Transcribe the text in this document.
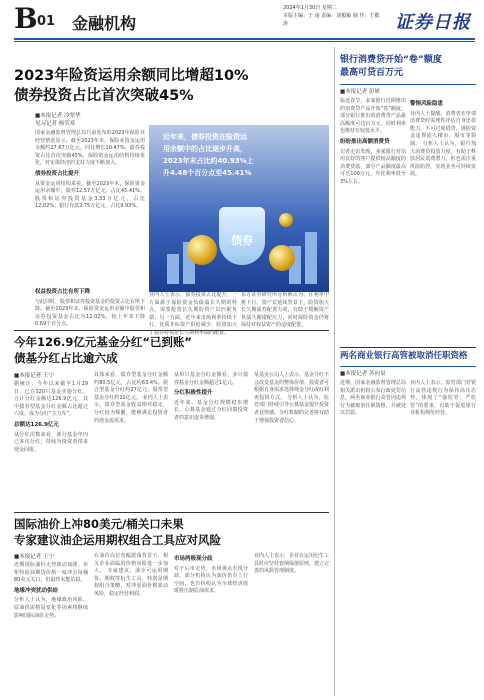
B 01 金融机构
2024年1月30日 星期二
本版主编：于 南 责编：刘俊颖 制 作：王敬涛	证券日报
2023年险资运用余额同比增超10%
债券投资占比首次突破45%
■本报记者 冷翠华
见习记者 杨笑寒
国家金融监督管理总局日前发布的2023年保险业经营情况显示，截至2023年末，保险业资金运用余额约27.67万亿元，同比增长10.47%。债券投资占比首次突破45%，保险资金运用结构持续优化，对实体经济的支持力度不断加大。
债券投资占比提升
从资金运用结构来看，截至2023年末，保险资金运用余额中，债券12.57万亿元，占比45.41%；股票和证券投资基金3.33万亿元，占比12.02%；银行存款2.75万亿元，占比9.93%。
近年来，债券投资在险资运
用余额中的占比逐步升高，
2023年末占比约40.93%上
升4.48个百分点至45.41%
债券
业内人士表示，债券投资占比提升，一方面源于保险资金负债端长久期的特点，需要配置长久期的资产以匹配负债；另一方面，近年来市场利率持续下行，优质非标资产供给减少，险资加大了债券特别是长久期利率债的配置。
东方证券研究所分析师认为，在利率中枢下行、资产荒延续背景下，险资加大长久期债券配置力度，有助于缓解资产负债久期错配压力，同时保险资金仍将保持对权益资产的适度配置。
权益投资占比有所下降
与此同时，股票和证券投资基金的投资占比有所下降。截至2023年末，保险资金运用余额中股票和证券投资基金占比为12.02%，较上年末下降0.69个百分点。
今年126.9亿元基金分红“已到账”
债基分红占比逾六成
■本报记者 王宁
据统计，今年以来截至1月29日，已有320只基金实施分红，合计分红金额达126.9亿元，其中债券型基金分红金额占比超过六成，成为分红“主力军”。
总额达126.9亿元
从分红次数来看，部分基金年内已多次分红，持续为投资者带来现金回报。
具体来看，债券型基金分红金额约80.5亿元，占比约63.4%；混合型基金分红约27亿元；股票型基金分红约11亿元。 业内人士表示，债券型基金收益相对稳定，分红较为频繁，能够满足投资者的现金流需求。
从单只基金分红金额看，多只债券基金分红金额超过1亿元。
分红积极性提升
近年来，基金分红规模稳步增长，公募基金通过分红回馈投资者的意识逐步增强。
某基金公司人士表示，基金分红不会改变基金的整体价值，投资者可根据自身需求选择现金分红或红利再投资方式。 分析人士认为，监管部门持续引导公募基金提升投资者获得感，分红机制的完善将有助于增强投资者信心。
国际油价上冲80美元/桶关口未果
专家建议油企运用期权组合工具应对风险
■本报记者 王宁
近期国际油价走势波动加剧，布伦特原油期货价格一度冲击每桶80美元关口，但最终未能站稳。
地缘冲突扰动供给
分析人士认为，地缘政治风险、原油供需格局变化等因素将继续影响国际油价走势。
在油价高位宽幅震荡背景下，相关企业面临的价格风险进一步加大。 专家建议，油企可运用期货、期权等衍生工具，特别是期权组合策略，对冲原油价格波动风险，稳定经营利润。
市场两极现分歧
对于后市走势，市场观点出现分歧。部分机构认为油价仍有上行空间，也有机构认为全球经济放缓将压制原油需求。
业内人士表示，企业在运用衍生工具时应坚持套期保值原则，建立完善的风险管理制度。
银行消费贷开始“卷”额度
最高可贷百万元
■本报记者 彭妍
临近春节，多家银行近期推出的消费贷产品开始“卷”额度，部分银行推出的消费贷产品最高额度可达百万元，同时利率也维持在较低水平。
纷纷推出高额消费贷
记者走访发现，多家银行对信用良好的客户提供较高额度的消费贷款，部分产品额度最高可达100万元，年化利率低至3%左右。
警惕风险隐患
业内人士提醒，消费者在申请消费贷时需理性评估自身还款能力，不可过度借贷，谨防资金违规流入楼市、股市等领域。 分析人士认为，银行加大消费贷投放力度，有助于释放居民消费潜力，但也需注重风险防控，实现业务可持续发展。
两名商业银行高管被取消任职资格
■本报记者 苏向杲
近期，国家金融监督管理总局相关派出机构公布行政处罚信息，两名商业银行高管因违规行为被取消任职资格，并被处以罚款。
业内人士表示，监管部门对银行高管违规行为保持高压态势，体现了“强监管、严监管”的要求，有助于促进银行业机构规范经营。
